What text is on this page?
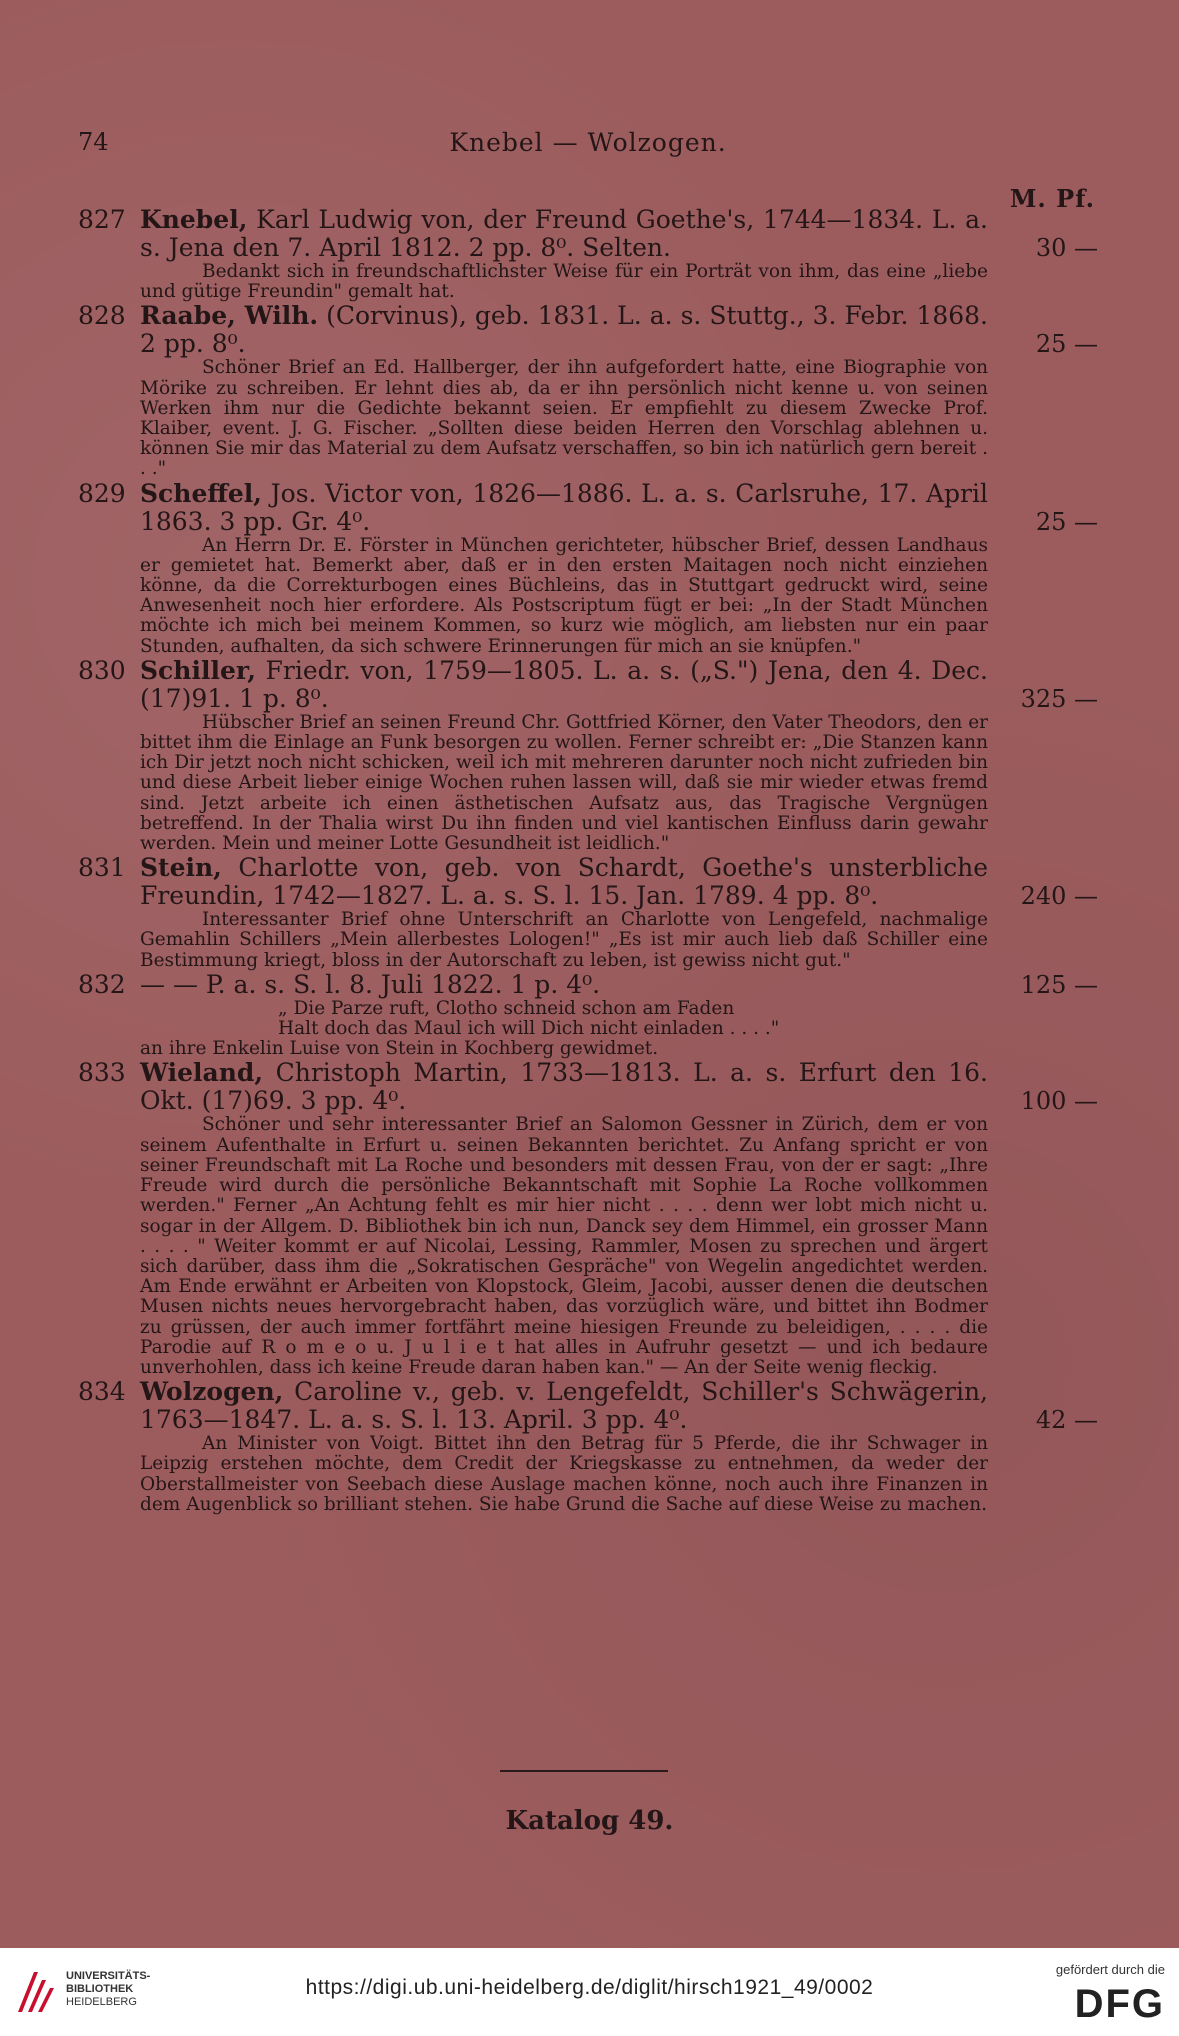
74	Knebel — Wolzogen.
M. Pf.
827 Knebel, Karl Ludwig von, der Freund Goethe's, 1744—1834. L. a. s. Jena den 7. April 1812. 2 pp. 8⁰. Selten.	30 —
Bedankt sich in freundschaftlichster Weise für ein Porträt von ihm, das eine „liebe und gütige Freundin" gemalt hat.
828 Raabe, Wilh. (Corvinus), geb. 1831. L. a. s. Stuttg., 3. Febr. 1868. 2 pp. 8⁰.	25 —
Schöner Brief an Ed. Hallberger, der ihn aufgefordert hatte, eine Biographie von Mörike zu schreiben. Er lehnt dies ab, da er ihn persönlich nicht kenne u. von seinen Werken ihm nur die Gedichte bekannt seien. Er empfiehlt zu diesem Zwecke Prof. Klaiber, event. J. G. Fischer. „Sollten diese beiden Herren den Vorschlag ablehnen u. können Sie mir das Material zu dem Aufsatz verschaffen, so bin ich natürlich gern bereit . . ."
829 Scheffel, Jos. Victor von, 1826—1886. L. a. s. Carlsruhe, 17. April 1863. 3 pp. Gr. 4⁰.	25 —
An Herrn Dr. E. Förster in München gerichteter, hübscher Brief, dessen Landhaus er gemietet hat. Bemerkt aber, daß er in den ersten Maitagen noch nicht einziehen könne, da die Correkturbogen eines Büchleins, das in Stuttgart gedruckt wird, seine Anwesenheit noch hier erfordere. Als Postscriptum fügt er bei: „In der Stadt München möchte ich mich bei meinem Kommen, so kurz wie möglich, am liebsten nur ein paar Stunden, aufhalten, da sich schwere Erinnerungen für mich an sie knüpfen."
830 Schiller, Friedr. von, 1759—1805. L. a. s. („S.") Jena, den 4. Dec. (17)91. 1 p. 8⁰.	325 —
Hübscher Brief an seinen Freund Chr. Gottfried Körner, den Vater Theodors, den er bittet ihm die Einlage an Funk besorgen zu wollen. Ferner schreibt er: „Die Stanzen kann ich Dir jetzt noch nicht schicken, weil ich mit mehreren darunter noch nicht zufrieden bin und diese Arbeit lieber einige Wochen ruhen lassen will, daß sie mir wieder etwas fremd sind. Jetzt arbeite ich einen ästhetischen Aufsatz aus, das Tragische Vergnügen betreffend. In der Thalia wirst Du ihn finden und viel kantischen Einfluss darin gewahr werden. Mein und meiner Lotte Gesundheit ist leidlich."
831 Stein, Charlotte von, geb. von Schardt, Goethe's unsterbliche Freundin, 1742—1827. L. a. s. S. l. 15. Jan. 1789. 4 pp. 8⁰.	240 —
Interessanter Brief ohne Unterschrift an Charlotte von Lengefeld, nachmalige Gemahlin Schillers „Mein allerbestes Lologen!" „Es ist mir auch lieb daß Schiller eine Bestimmung kriegt, bloss in der Autorschaft zu leben, ist gewiss nicht gut."
832 — — P. a. s. S. l. 8. Juli 1822. 1 p. 4⁰.	125 —
„ Die Parze ruft, Clotho schneid schon am Faden
Halt doch das Maul ich will Dich nicht einladen . . . ."
an ihre Enkelin Luise von Stein in Kochberg gewidmet.
833 Wieland, Christoph Martin, 1733—1813. L. a. s. Erfurt den 16. Okt. (17)69. 3 pp. 4⁰.	100 —
Schöner und sehr interessanter Brief an Salomon Gessner in Zürich, dem er von seinem Aufenthalte in Erfurt u. seinen Bekannten berichtet. Zu Anfang spricht er von seiner Freundschaft mit La Roche und besonders mit dessen Frau, von der er sagt: „Ihre Freude wird durch die persönliche Bekanntschaft mit Sophie La Roche vollkommen werden." Ferner „An Achtung fehlt es mir hier nicht . . . . denn wer lobt mich nicht u. sogar in der Allgem. D. Bibliothek bin ich nun, Danck sey dem Himmel, ein grosser Mann . . . . " Weiter kommt er auf Nicolai, Lessing, Rammler, Mosen zu sprechen und ärgert sich darüber, dass ihm die „Sokratischen Gespräche" von Wegelin angedichtet werden. Am Ende erwähnt er Arbeiten von Klopstock, Gleim, Jacobi, ausser denen die deutschen Musen nichts neues hervorgebracht haben, das vorzüglich wäre, und bittet ihn Bodmer zu grüssen, der auch immer fortfährt meine hiesigen Freunde zu beleidigen, . . . . die Parodie auf R o m e o u. J u l i e t hat alles in Aufruhr gesetzt — und ich bedaure unverhohlen, dass ich keine Freude daran haben kan." — An der Seite wenig fleckig.
834 Wolzogen, Caroline v., geb. v. Lengefeldt, Schiller's Schwägerin, 1763—1847. L. a. s. S. l. 13. April. 3 pp. 4⁰.	42 —
An Minister von Voigt. Bittet ihn den Betrag für 5 Pferde, die ihr Schwager in Leipzig erstehen möchte, dem Credit der Kriegskasse zu entnehmen, da weder der Oberstallmeister von Seebach diese Auslage machen könne, noch auch ihre Finanzen in dem Augenblick so brilliant stehen. Sie habe Grund die Sache auf diese Weise zu machen.
Katalog 49.
UNIVERSITÄTS-
BIBLIOTHEK
HEIDELBERG
https://digi.ub.uni-heidelberg.de/diglit/hirsch1921_49/0002
gefördert durch die
DFG
